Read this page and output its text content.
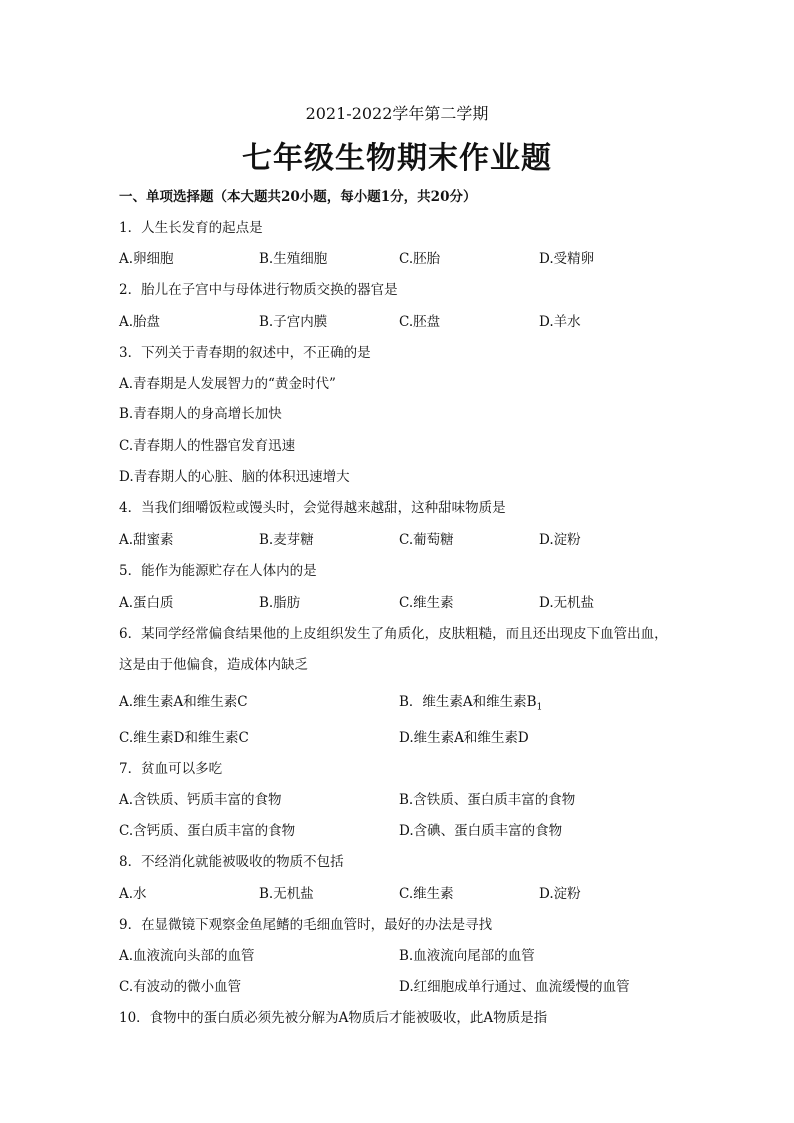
2021-2022学年第二学期
七年级生物期末作业题
一、单项选择题（本大题共20小题，每小题1分，共20分）
1．人生长发育的起点是
A.卵细胞	B.生殖细胞	C.胚胎	D.受精卵
2．胎儿在子宫中与母体进行物质交换的器官是
A.胎盘	B.子宫内膜	C.胚盘	D.羊水
3．下列关于青春期的叙述中，不正确的是
A.青春期是人发展智力的“黄金时代”
B.青春期人的身高增长加快
C.青春期人的性器官发育迅速
D.青春期人的心脏、脑的体积迅速增大
4．当我们细嚼饭粒或馒头时，会觉得越来越甜，这种甜味物质是
A.甜蜜素	B.麦芽糖	C.葡萄糖	D.淀粉
5．能作为能源贮存在人体内的是
A.蛋白质	B.脂肪	C.维生素	D.无机盐
6．某同学经常偏食结果他的上皮组织发生了角质化，皮肤粗糙，而且还出现皮下血管出血，
这是由于他偏食，造成体内缺乏
A.维生素A和维生素C	B．维生素A和维生素$B_1$
C.维生素D和维生素C	D.维生素A和维生素D
7．贫血可以多吃
A.含铁质、钙质丰富的食物	B.含铁质、蛋白质丰富的食物
C.含钙质、蛋白质丰富的食物	D.含碘、蛋白质丰富的食物
8．不经消化就能被吸收的物质不包括
A.水	B.无机盐	C.维生素	D.淀粉
9．在显微镜下观察金鱼尾鳍的毛细血管时，最好的办法是寻找
A.血液流向头部的血管	B.血液流向尾部的血管
C.有波动的微小血管	D.红细胞成单行通过、血流缓慢的血管
10．食物中的蛋白质必须先被分解为A物质后才能被吸收，此A物质是指
